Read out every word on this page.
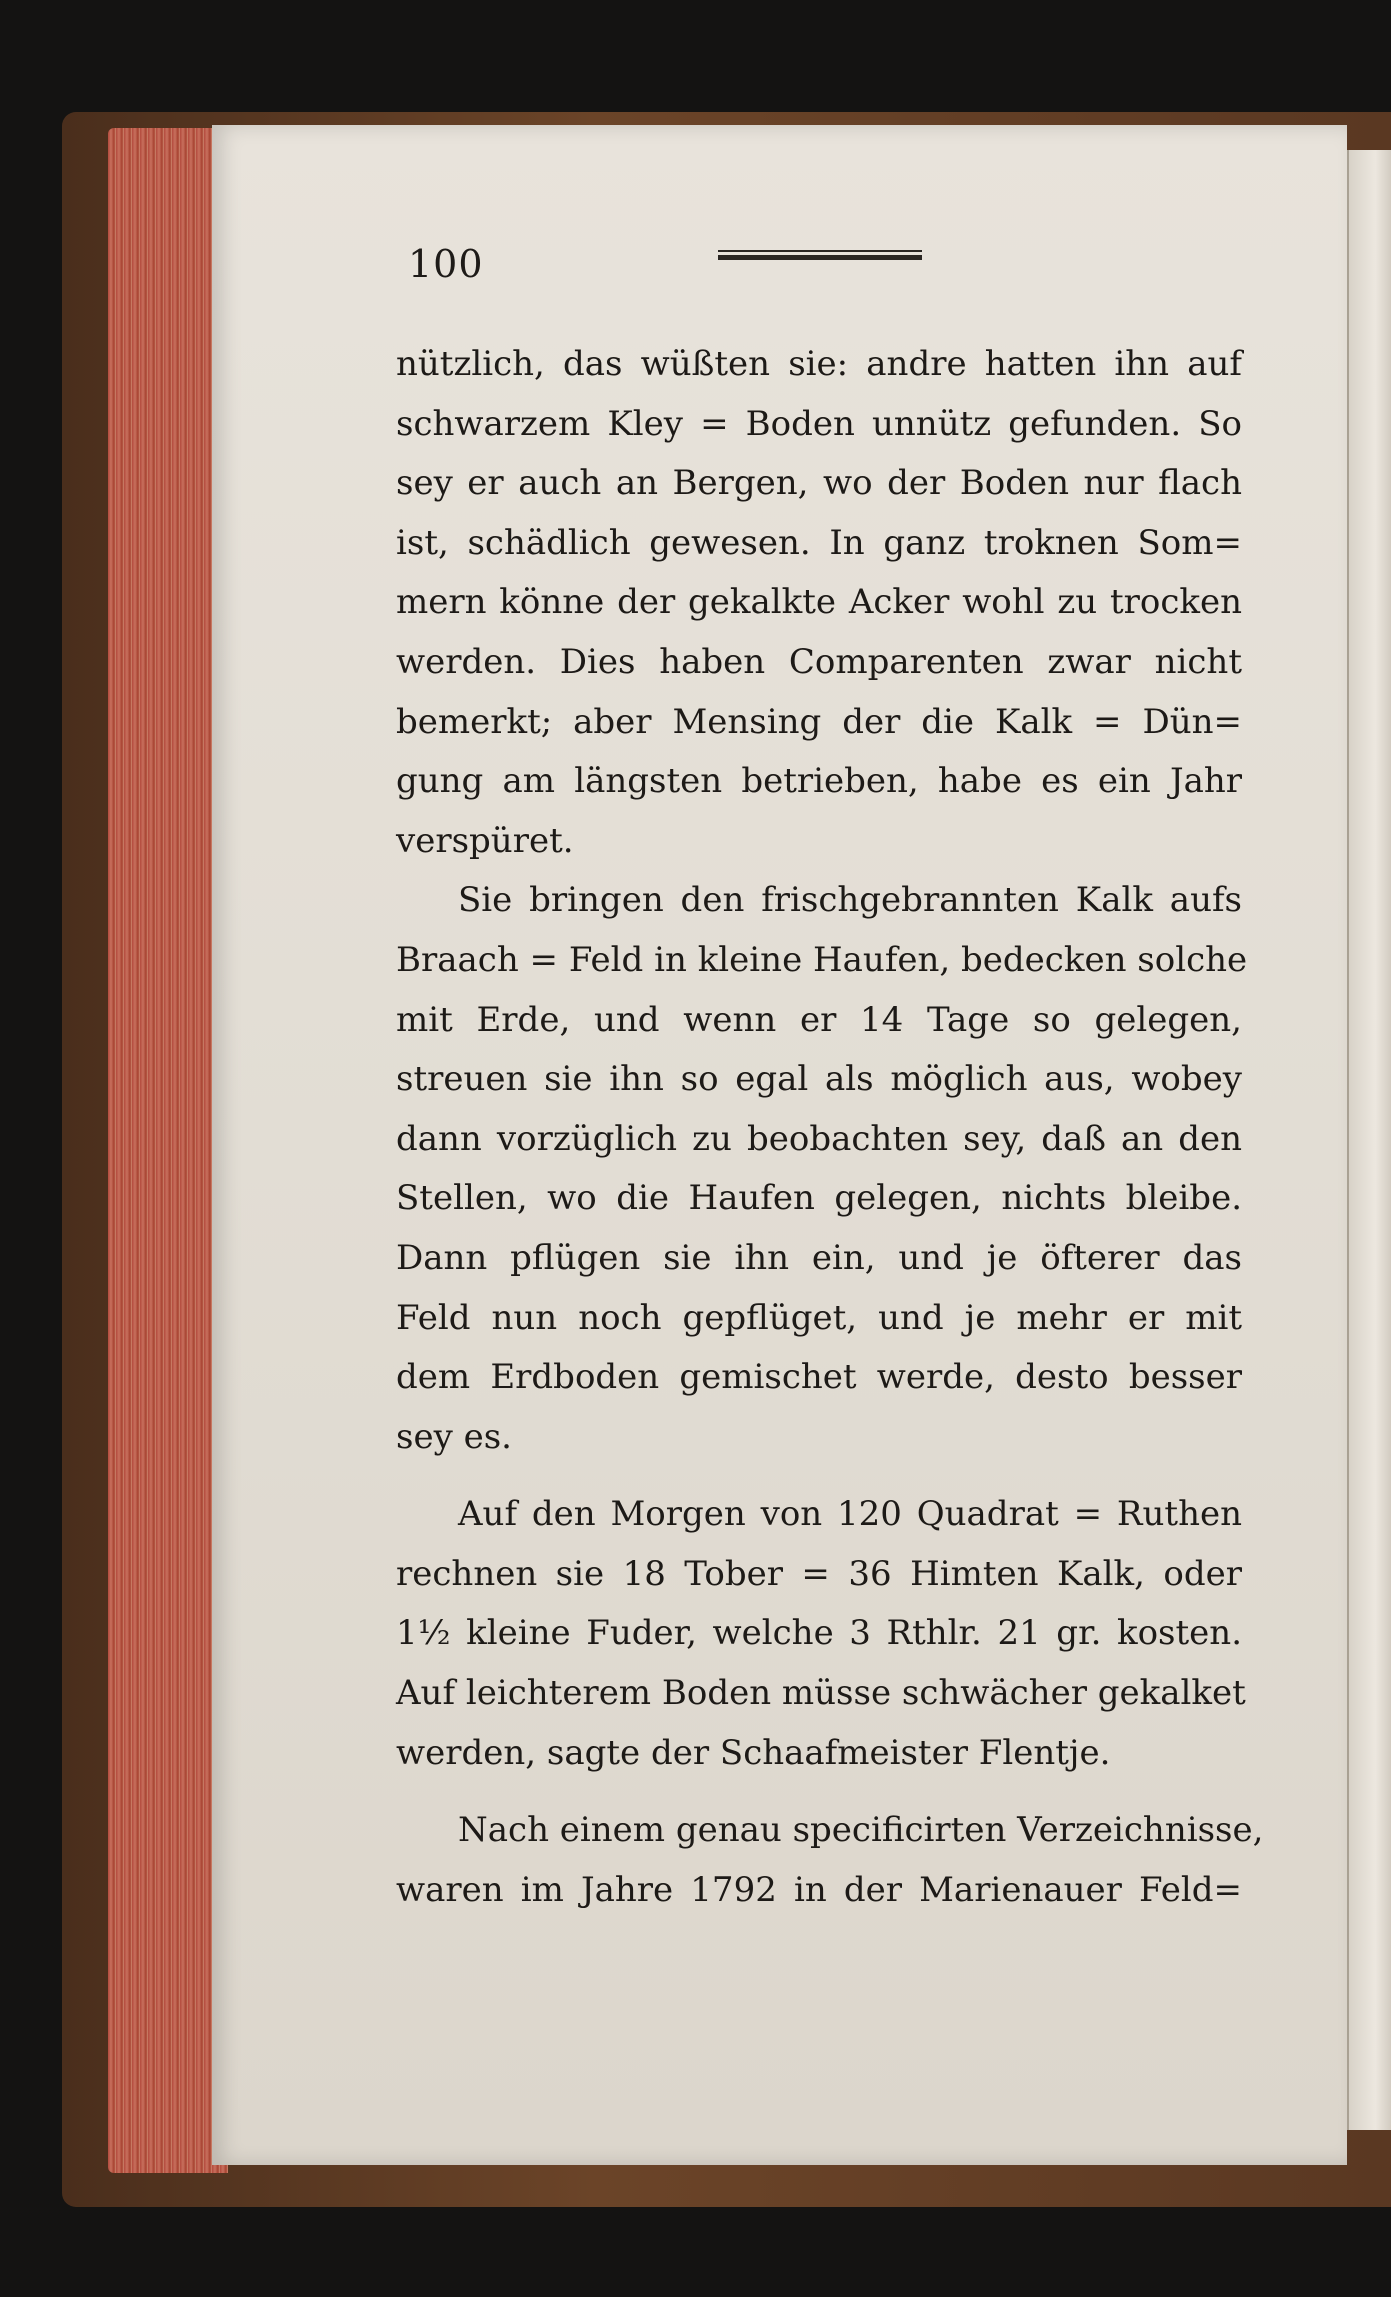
100
nützlich, das wüßten sie: andre hatten ihn auf
schwarzem Kley = Boden unnütz gefunden. So
sey er auch an Bergen, wo der Boden nur flach
ist, schädlich gewesen. In ganz troknen Som=
mern könne der gekalkte Acker wohl zu trocken
werden. Dies haben Comparenten zwar nicht
bemerkt; aber Mensing der die Kalk = Dün=
gung am längsten betrieben, habe es ein Jahr
verspüret.
Sie bringen den frischgebrannten Kalk aufs
Braach = Feld in kleine Haufen, bedecken solche
mit Erde, und wenn er 14 Tage so gelegen,
streuen sie ihn so egal als möglich aus, wobey
dann vorzüglich zu beobachten sey, daß an den
Stellen, wo die Haufen gelegen, nichts bleibe.
Dann pflügen sie ihn ein, und je öfterer das
Feld nun noch gepflüget, und je mehr er mit
dem Erdboden gemischet werde, desto besser
sey es.
Auf den Morgen von 120 Quadrat = Ruthen
rechnen sie 18 Tober = 36 Himten Kalk, oder
1½ kleine Fuder, welche 3 Rthlr. 21 gr. kosten.
Auf leichterem Boden müsse schwächer gekalket
werden, sagte der Schaafmeister Flentje.
Nach einem genau specificirten Verzeichnisse,
waren im Jahre 1792 in der Marienauer Feld=
